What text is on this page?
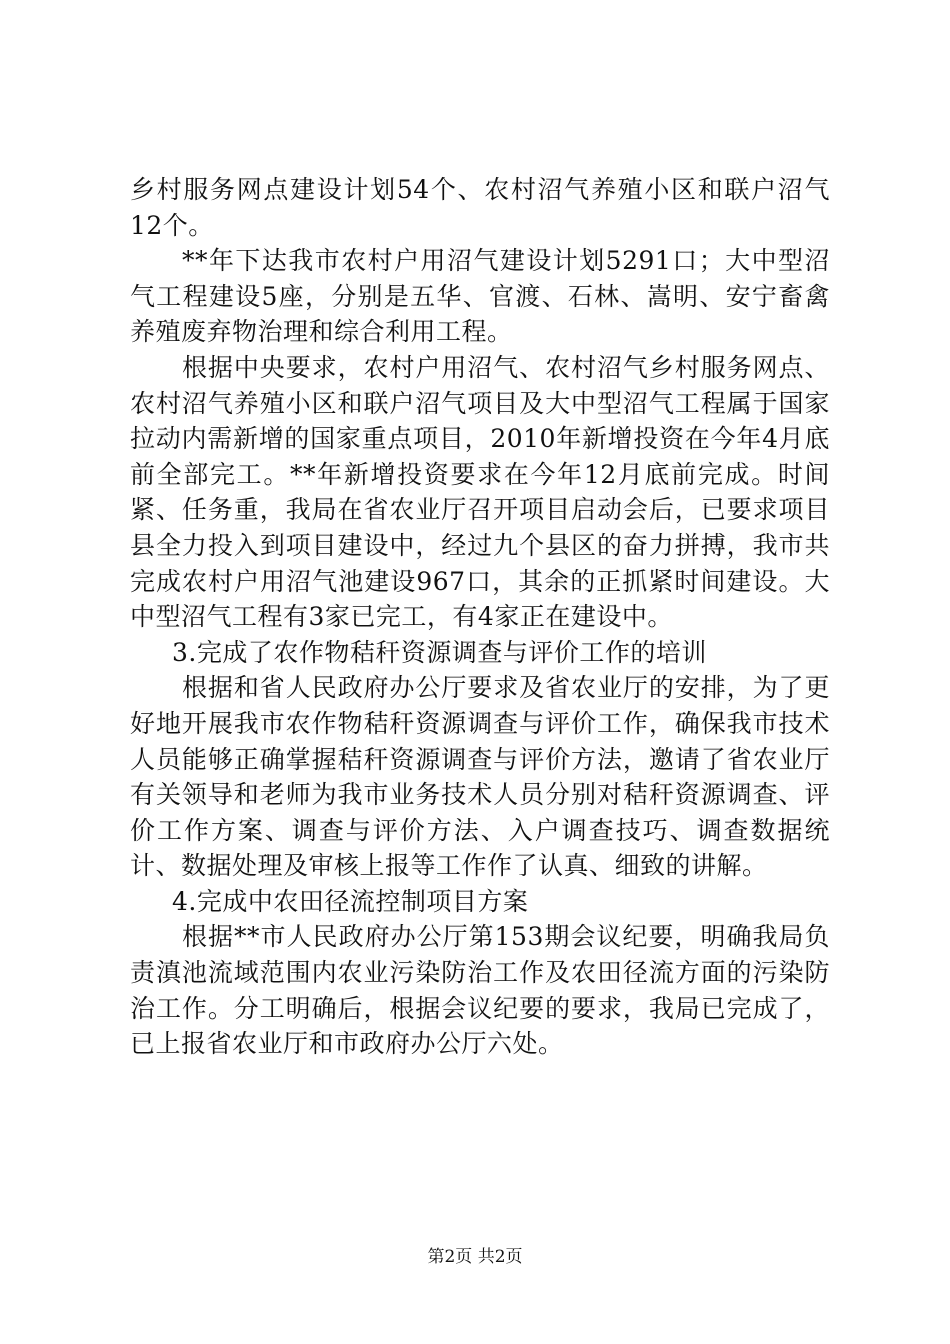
乡村服务网点建设计划54个、农村沼气养殖小区和联户沼气12个。

**年下达我市农村户用沼气建设计划5291口；大中型沼气工程建设5座，分别是五华、官渡、石林、嵩明、安宁畜禽养殖废弃物治理和综合利用工程。

根据中央要求，农村户用沼气、农村沼气乡村服务网点、农村沼气养殖小区和联户沼气项目及大中型沼气工程属于国家拉动内需新增的国家重点项目，2010年新增投资在今年4月底前全部完工。**年新增投资要求在今年12月底前完成。时间紧、任务重，我局在省农业厅召开项目启动会后，已要求项目县全力投入到项目建设中，经过九个县区的奋力拼搏，我市共完成农村户用沼气池建设967口，其余的正抓紧时间建设。大中型沼气工程有3家已完工，有4家正在建设中。

3.完成了农作物秸秆资源调查与评价工作的培训

根据和省人民政府办公厅要求及省农业厅的安排，为了更好地开展我市农作物秸秆资源调查与评价工作，确保我市技术人员能够正确掌握秸秆资源调查与评价方法，邀请了省农业厅有关领导和老师为我市业务技术人员分别对秸秆资源调查、评价工作方案、调查与评价方法、入户调查技巧、调查数据统计、数据处理及审核上报等工作作了认真、细致的讲解。

4.完成中农田径流控制项目方案

根据**市人民政府办公厅第153期会议纪要，明确我局负责滇池流域范围内农业污染防治工作及农田径流方面的污染防治工作。分工明确后，根据会议纪要的要求，我局已完成了，已上报省农业厅和市政府办公厅六处。

第2页 共2页
